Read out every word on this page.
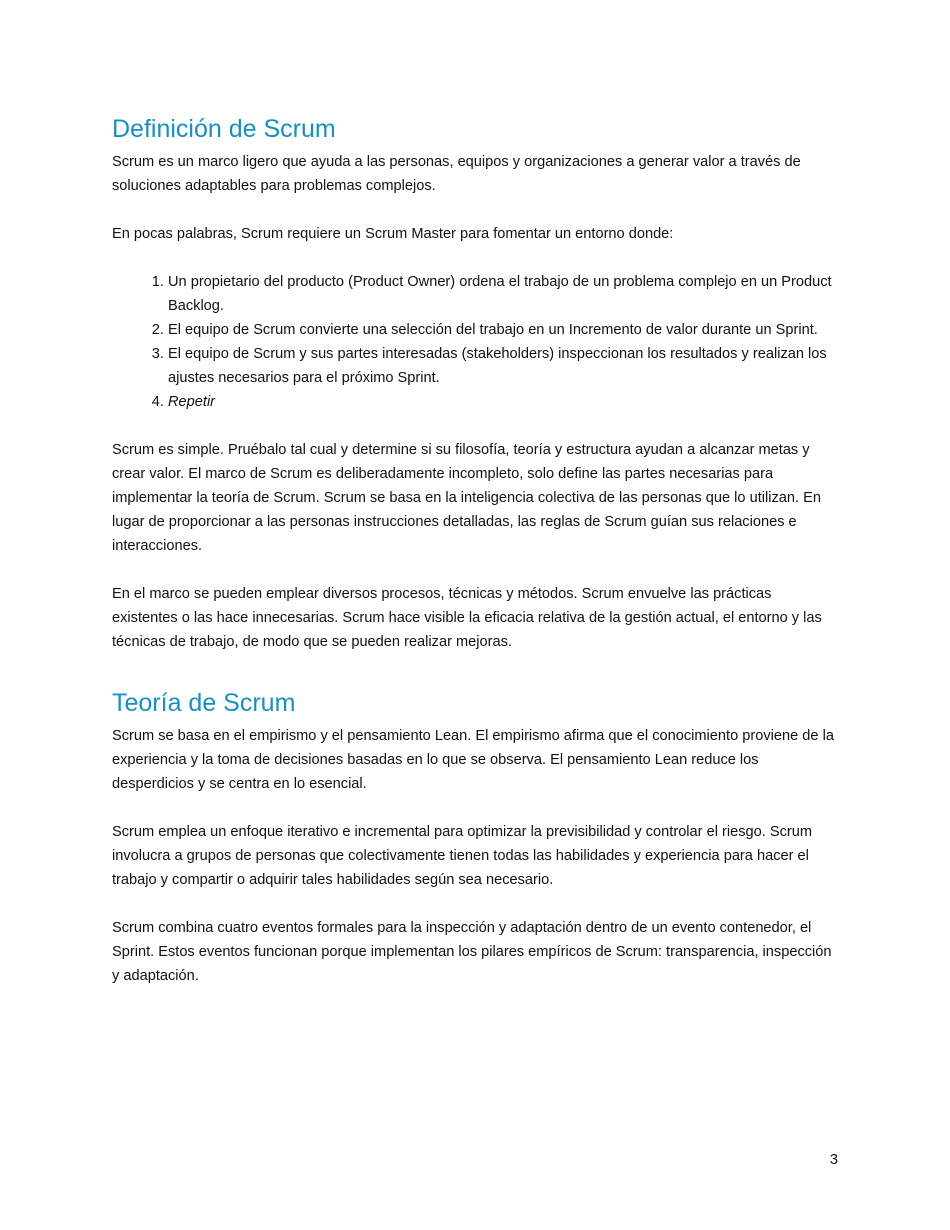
Definición de Scrum

Scrum es un marco ligero que ayuda a las personas, equipos y organizaciones a generar valor a través de soluciones adaptables para problemas complejos.

En pocas palabras, Scrum requiere un Scrum Master para fomentar un entorno donde:

1. Un propietario del producto (Product Owner) ordena el trabajo de un problema complejo en un Product Backlog.
2. El equipo de Scrum convierte una selección del trabajo en un Incremento de valor durante un Sprint.
3. El equipo de Scrum y sus partes interesadas (stakeholders) inspeccionan los resultados y realizan los ajustes necesarios para el próximo Sprint.
4. Repetir

Scrum es simple. Pruébalo tal cual y determine si su filosofía, teoría y estructura ayudan a alcanzar metas y crear valor. El marco de Scrum es deliberadamente incompleto, solo define las partes necesarias para implementar la teoría de Scrum. Scrum se basa en la inteligencia colectiva de las personas que lo utilizan. En lugar de proporcionar a las personas instrucciones detalladas, las reglas de Scrum guían sus relaciones e interacciones.

En el marco se pueden emplear diversos procesos, técnicas y métodos. Scrum envuelve las prácticas existentes o las hace innecesarias. Scrum hace visible la eficacia relativa de la gestión actual, el entorno y las técnicas de trabajo, de modo que se pueden realizar mejoras.

Teoría de Scrum

Scrum se basa en el empirismo y el pensamiento Lean. El empirismo afirma que el conocimiento proviene de la experiencia y la toma de decisiones basadas en lo que se observa. El pensamiento Lean reduce los desperdicios y se centra en lo esencial.

Scrum emplea un enfoque iterativo e incremental para optimizar la previsibilidad y controlar el riesgo. Scrum involucra a grupos de personas que colectivamente tienen todas las habilidades y experiencia para hacer el trabajo y compartir o adquirir tales habilidades según sea necesario.

Scrum combina cuatro eventos formales para la inspección y adaptación dentro de un evento contenedor, el Sprint. Estos eventos funcionan porque implementan los pilares empíricos de Scrum: transparencia, inspección y adaptación.

3
